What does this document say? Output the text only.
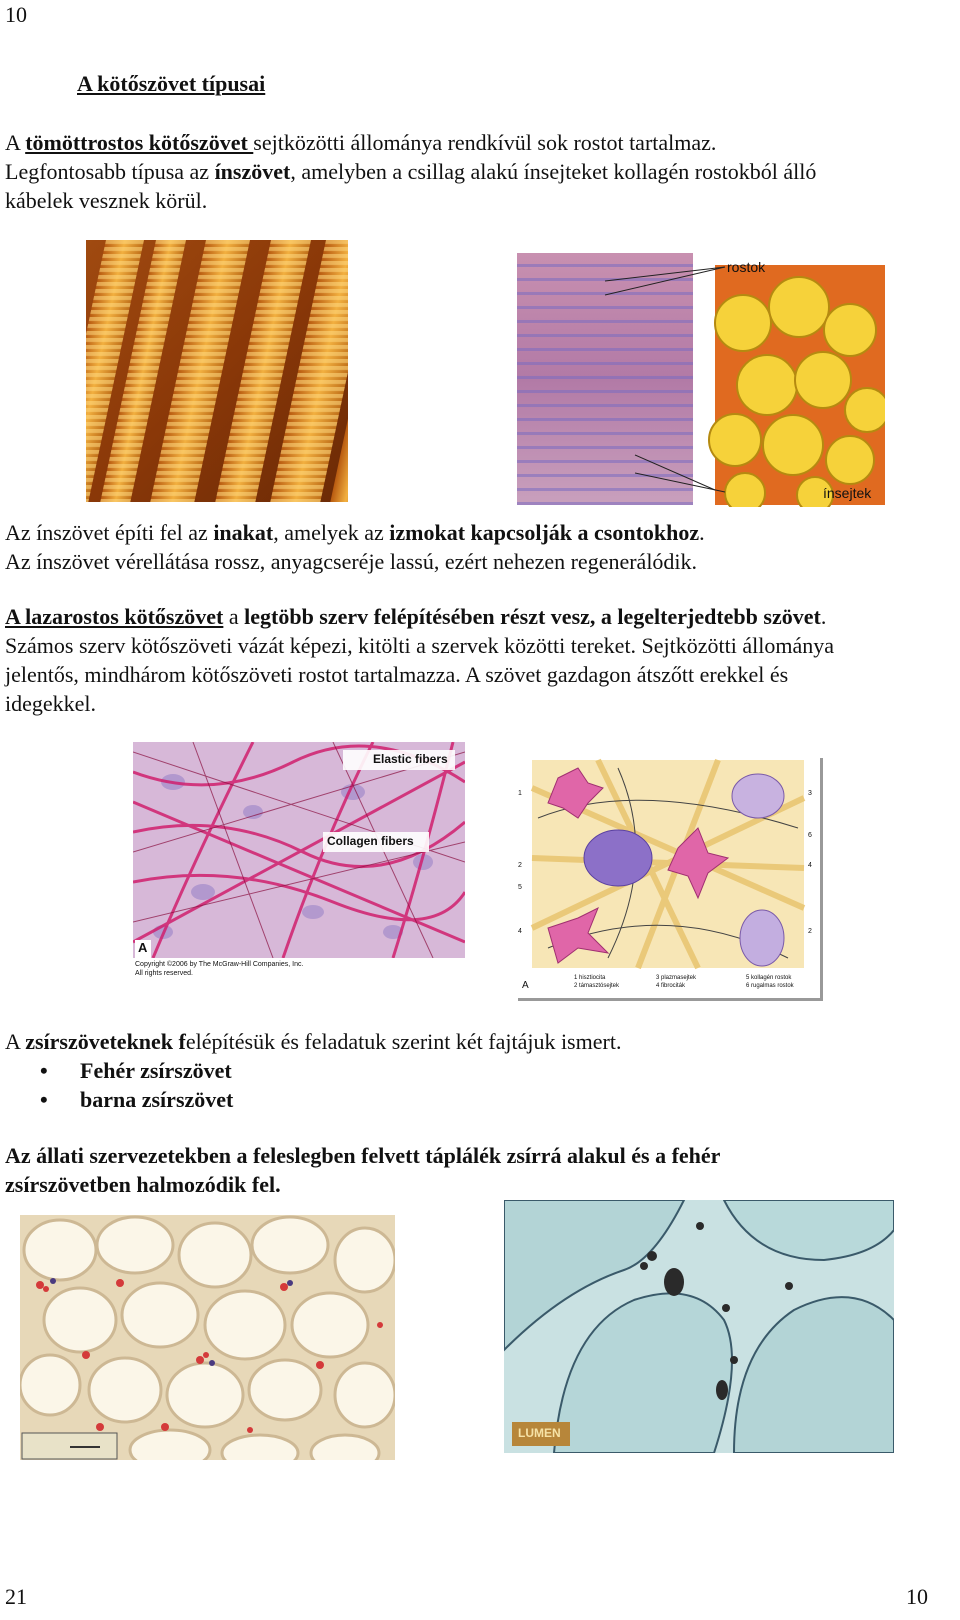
10
A kötőszövet típusai

A tömöttrostos kötőszövet sejtközötti állománya rendkívül sok rostot tartalmaz.
Legfontosabb típusa az ínszövet, amelyben a csillag alakú ínsejteket kollagén rostokból álló
kábelek vesznek körül.

rostok
ínsejtek

Az ínszövet építi fel az inakat, amelyek az izmokat kapcsolják a csontokhoz.
Az ínszövet vérellátása rossz, anyagcseréje lassú, ezért nehezen regenerálódik.

A lazarostos kötőszövet a legtöbb szerv felépítésében részt vesz, a legelterjedtebb szövet.
Számos szerv kötőszöveti vázát képezi, kitölti a szervek közötti tereket. Sejtközötti állománya
jelentős, mindhárom kötőszöveti rostot tartalmazza. A szövet gazdagon átszőtt erekkel és
idegekkel.

Elastic fibers
Collagen fibers
A
Copyright ©2006 by The McGraw-Hill Companies, Inc.
All rights reserved.
1
2
5
4
3
6
4
2
A
1 hisztiocita
2 támasztósejtek
3 plazmasejtek
4 fibrociták
5 kollagén rostok
6 rugalmas rostok

A zsírszöveteknek felépítésük és feladatuk szerint két fajtájuk ismert.

• Fehér zsírszövet
• barna zsírszövet

Az állati szervezetekben a feleslegben felvett táplálék zsírrá alakul és a fehér
zsírszövetben halmozódik fel.

LUMEN
21	10
